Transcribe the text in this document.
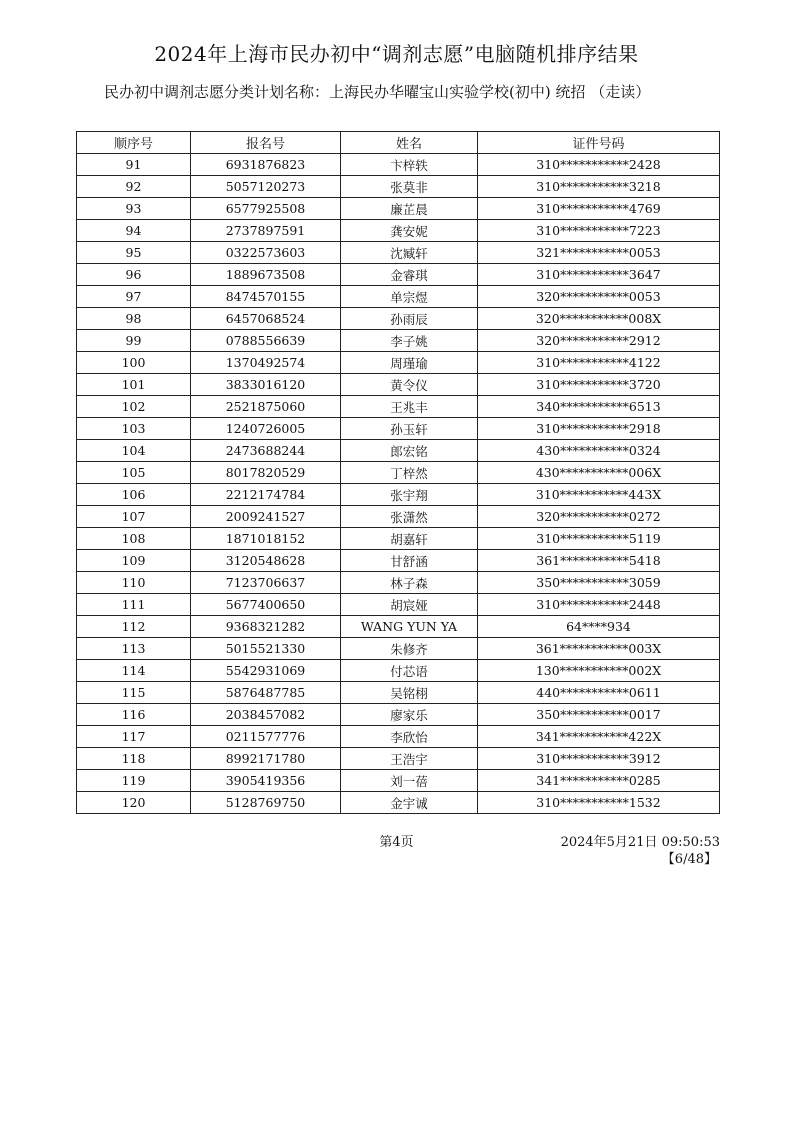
2024年上海市民办初中“调剂志愿”电脑随机排序结果
民办初中调剂志愿分类计划名称：上海民办华曜宝山实验学校(初中) 统招 （走读）
顺序号	报名号	姓名	证件号码
91	6931876823	卞梓轶	310***********2428
92	5057120273	张莫非	310***********3218
93	6577925508	廉芷晨	310***********4769
94	2737897591	龚安妮	310***********7223
95	0322573603	沈臧轩	321***********0053
96	1889673508	金睿琪	310***********3647
97	8474570155	单宗煜	320***********0053
98	6457068524	孙雨辰	320***********008X
99	0788556639	李子姚	320***********2912
100	1370492574	周瑾瑜	310***********4122
101	3833016120	黄令仪	310***********3720
102	2521875060	王兆丰	340***********6513
103	1240726005	孙玉轩	310***********2918
104	2473688244	郎宏铭	430***********0324
105	8017820529	丁梓然	430***********006X
106	2212174784	张宇翔	310***********443X
107	2009241527	张潇然	320***********0272
108	1871018152	胡嘉轩	310***********5119
109	3120548628	甘舒涵	361***********5418
110	7123706637	林子森	350***********3059
111	5677400650	胡宸娅	310***********2448
112	9368321282	WANG YUN YA	64****934
113	5015521330	朱修齐	361***********003X
114	5542931069	付芯语	130***********002X
115	5876487785	吴铭栩	440***********0611
116	2038457082	廖家乐	350***********0017
117	0211577776	李欣怡	341***********422X
118	8992171780	王浩宇	310***********3912
119	3905419356	刘一蓓	341***********0285
120	5128769750	金宇诚	310***********1532
第4页	2024年5月21日 09:50:53
【6/48】
